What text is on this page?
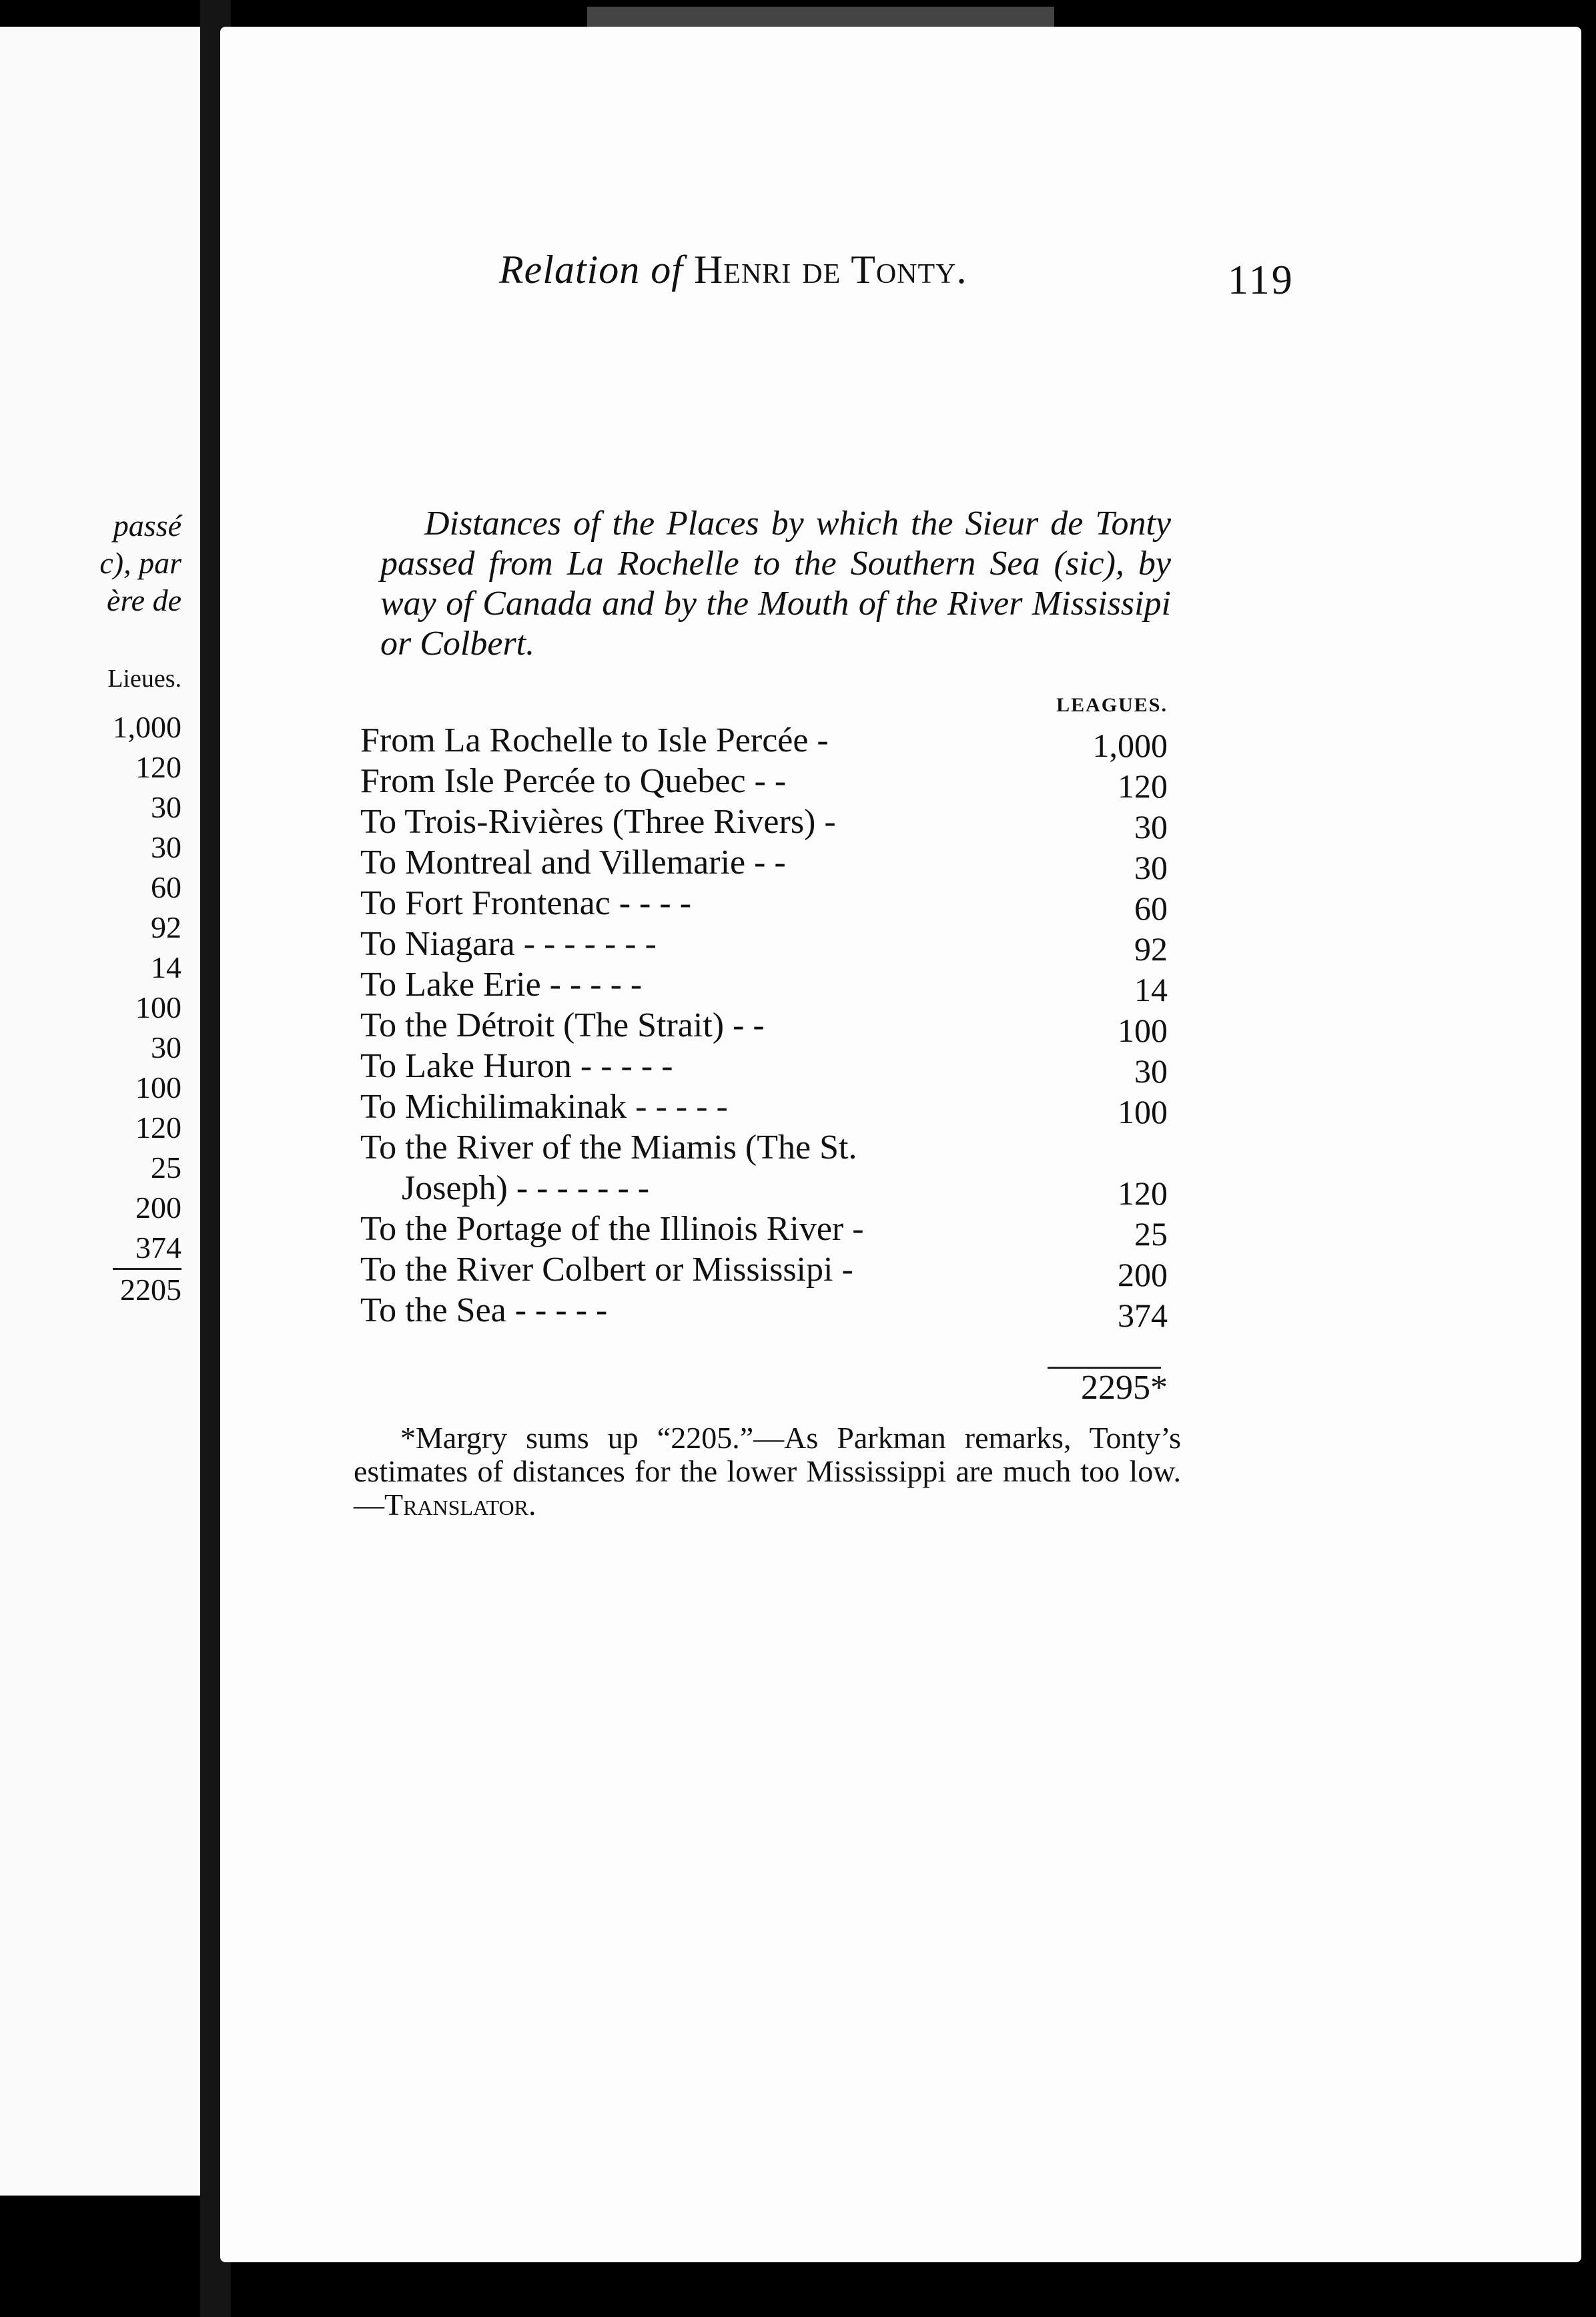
passé
c), par
ère de
Lieues.
1,000
120
30
30
60
92
14
100
30
100
120
25
200
374
2205
Relation of Henri de Tonty.	119
Distances of the Places by which the Sieur de Tonty passed from La Rochelle to the Southern Sea (sic), by way of Canada and by the Mouth of the River Mississipi or Colbert.
LEAGUES.
From La Rochelle to Isle Percée -	1,000
From Isle Percée to Quebec - -	120
To Trois-Rivières (Three Rivers) -	30
To Montreal and Villemarie - -	30
To Fort Frontenac - - - -	60
To Niagara - - - - - - -	92
To Lake Erie - - - - -	14
To the Détroit (The Strait) - -	100
To Lake Huron - - - - -	30
To Michilimakinak - - - - -	100
To the River of the Miamis (The St.
Joseph) - - - - - - -	120
To the Portage of the Illinois River -	25
To the River Colbert or Mississipi -	200
To the Sea - - - - -	374
2295*
*Margry sums up “2205.”—As Parkman remarks, Tonty’s estimates of distances for the lower Mississippi are much too low.—Translator.
